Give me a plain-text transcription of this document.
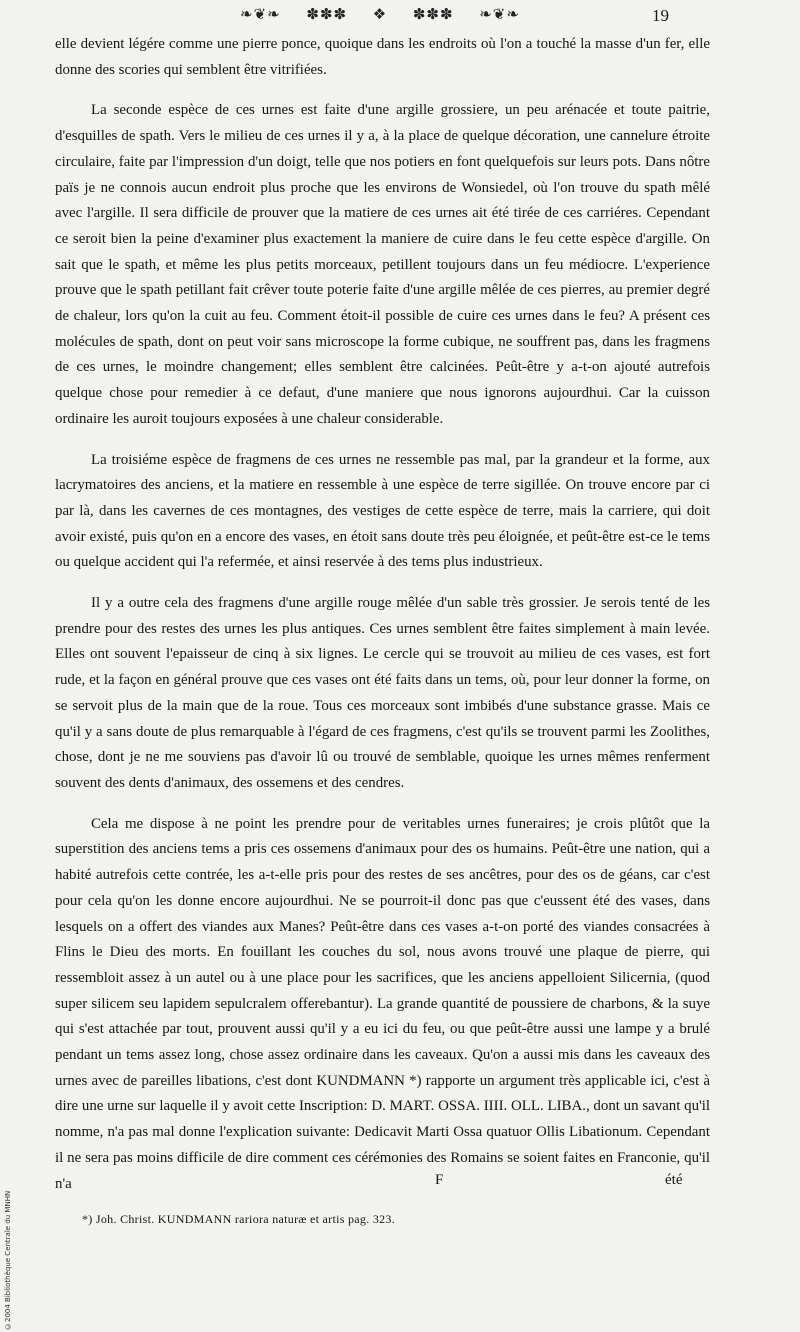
❧❦❧ ✽✽✽ ❖ ✽✽✽ ❧❦❧	19

elle devient légére comme une pierre ponce, quoique dans les endroits où l'on a touché la masse d'un fer, elle donne des scories qui semblent être vitrifiées.

La seconde espèce de ces urnes est faite d'une argille grossiere, un peu arénacée et toute paitrie, d'esquilles de spath. Vers le milieu de ces urnes il y a, à la place de quelque décoration, une cannelure étroite circulaire, faite par l'impression d'un doigt, telle que nos potiers en font quelquefois sur leurs pots. Dans nôtre païs je ne connois aucun endroit plus proche que les environs de Wonsiedel, où l'on trouve du spath mêlé avec l'argille. Il sera difficile de prouver que la matiere de ces urnes ait été tirée de ces carriéres. Cependant ce seroit bien la peine d'examiner plus exactement la maniere de cuire dans le feu cette espèce d'argille. On sait que le spath, et même les plus petits morceaux, petillent toujours dans un feu médiocre. L'experience prouve que le spath petillant fait crêver toute poterie faite d'une argille mêlée de ces pierres, au premier degré de chaleur, lors qu'on la cuit au feu. Comment étoit-il possible de cuire ces urnes dans le feu? A présent ces molécules de spath, dont on peut voir sans microscope la forme cubique, ne souffrent pas, dans les fragmens de ces urnes, le moindre changement; elles semblent être calcinées. Peût-être y a-t-on ajouté autrefois quelque chose pour remedier à ce defaut, d'une maniere que nous ignorons aujourdhui. Car la cuisson ordinaire les auroit toujours exposées à une chaleur considerable.

La troisiéme espèce de fragmens de ces urnes ne ressemble pas mal, par la grandeur et la forme, aux lacrymatoires des anciens, et la matiere en ressemble à une espèce de terre sigillée. On trouve encore par ci par là, dans les cavernes de ces montagnes, des vestiges de cette espèce de terre, mais la carriere, qui doit avoir existé, puis qu'on en a encore des vases, en étoit sans doute très peu éloignée, et peût-être est-ce le tems ou quelque accident qui l'a refermée, et ainsi reservée à des tems plus industrieux.

Il y a outre cela des fragmens d'une argille rouge mêlée d'un sable très grossier. Je serois tenté de les prendre pour des restes des urnes les plus antiques. Ces urnes semblent être faites simplement à main levée. Elles ont souvent l'epaisseur de cinq à six lignes. Le cercle qui se trouvoit au milieu de ces vases, est fort rude, et la façon en général prouve que ces vases ont été faits dans un tems, où, pour leur donner la forme, on se servoit plus de la main que de la roue. Tous ces morceaux sont imbibés d'une substance grasse. Mais ce qu'il y a sans doute de plus remarquable à l'égard de ces fragmens, c'est qu'ils se trouvent parmi les Zoolithes, chose, dont je ne me souviens pas d'avoir lû ou trouvé de semblable, quoique les urnes mêmes renferment souvent des dents d'animaux, des ossemens et des cendres.

Cela me dispose à ne point les prendre pour de veritables urnes funeraires; je crois plûtôt que la superstition des anciens tems a pris ces ossemens d'animaux pour des os humains. Peût-être une nation, qui a habité autrefois cette contrée, les a-t-elle pris pour des restes de ses ancêtres, pour des os de géans, car c'est pour cela qu'on les donne encore aujourdhui. Ne se pourroit-il donc pas que c'eussent été des vases, dans lesquels on a offert des viandes aux Manes? Peût-être dans ces vases a-t-on porté des viandes consacrées à Flins le Dieu des morts. En fouillant les couches du sol, nous avons trouvé une plaque de pierre, qui ressembloit assez à un autel ou à une place pour les sacrifices, que les anciens appelloient Silicernia, (quod super silicem seu lapidem sepulcralem offerebantur). La grande quantité de poussiere de charbons, & la suye qui s'est attachée par tout, prouvent aussi qu'il y a eu ici du feu, ou que peût-être aussi une lampe y a brulé pendant un tems assez long, chose assez ordinaire dans les caveaux. Qu'on a aussi mis dans les caveaux des urnes avec de pareilles libations, c'est dont KUNDMANN *) rapporte un argument très applicable ici, c'est à dire une urne sur laquelle il y avoit cette Inscription: D. MART. OSSA. IIII. OLL. LIBA., dont un savant qu'il nomme, n'a pas mal donne l'explication suivante: Dedicavit Marti Ossa quatuor Ollis Libationum. Cependant il ne sera pas moins difficile de dire comment ces cérémonies des Romains se soient faites en Franconie, qu'il n'a	F	été
*) Joh. Christ. KUNDMANN rariora naturæ et artis pag. 323.
©2004 Bibliothèque Centrale du MNHN
